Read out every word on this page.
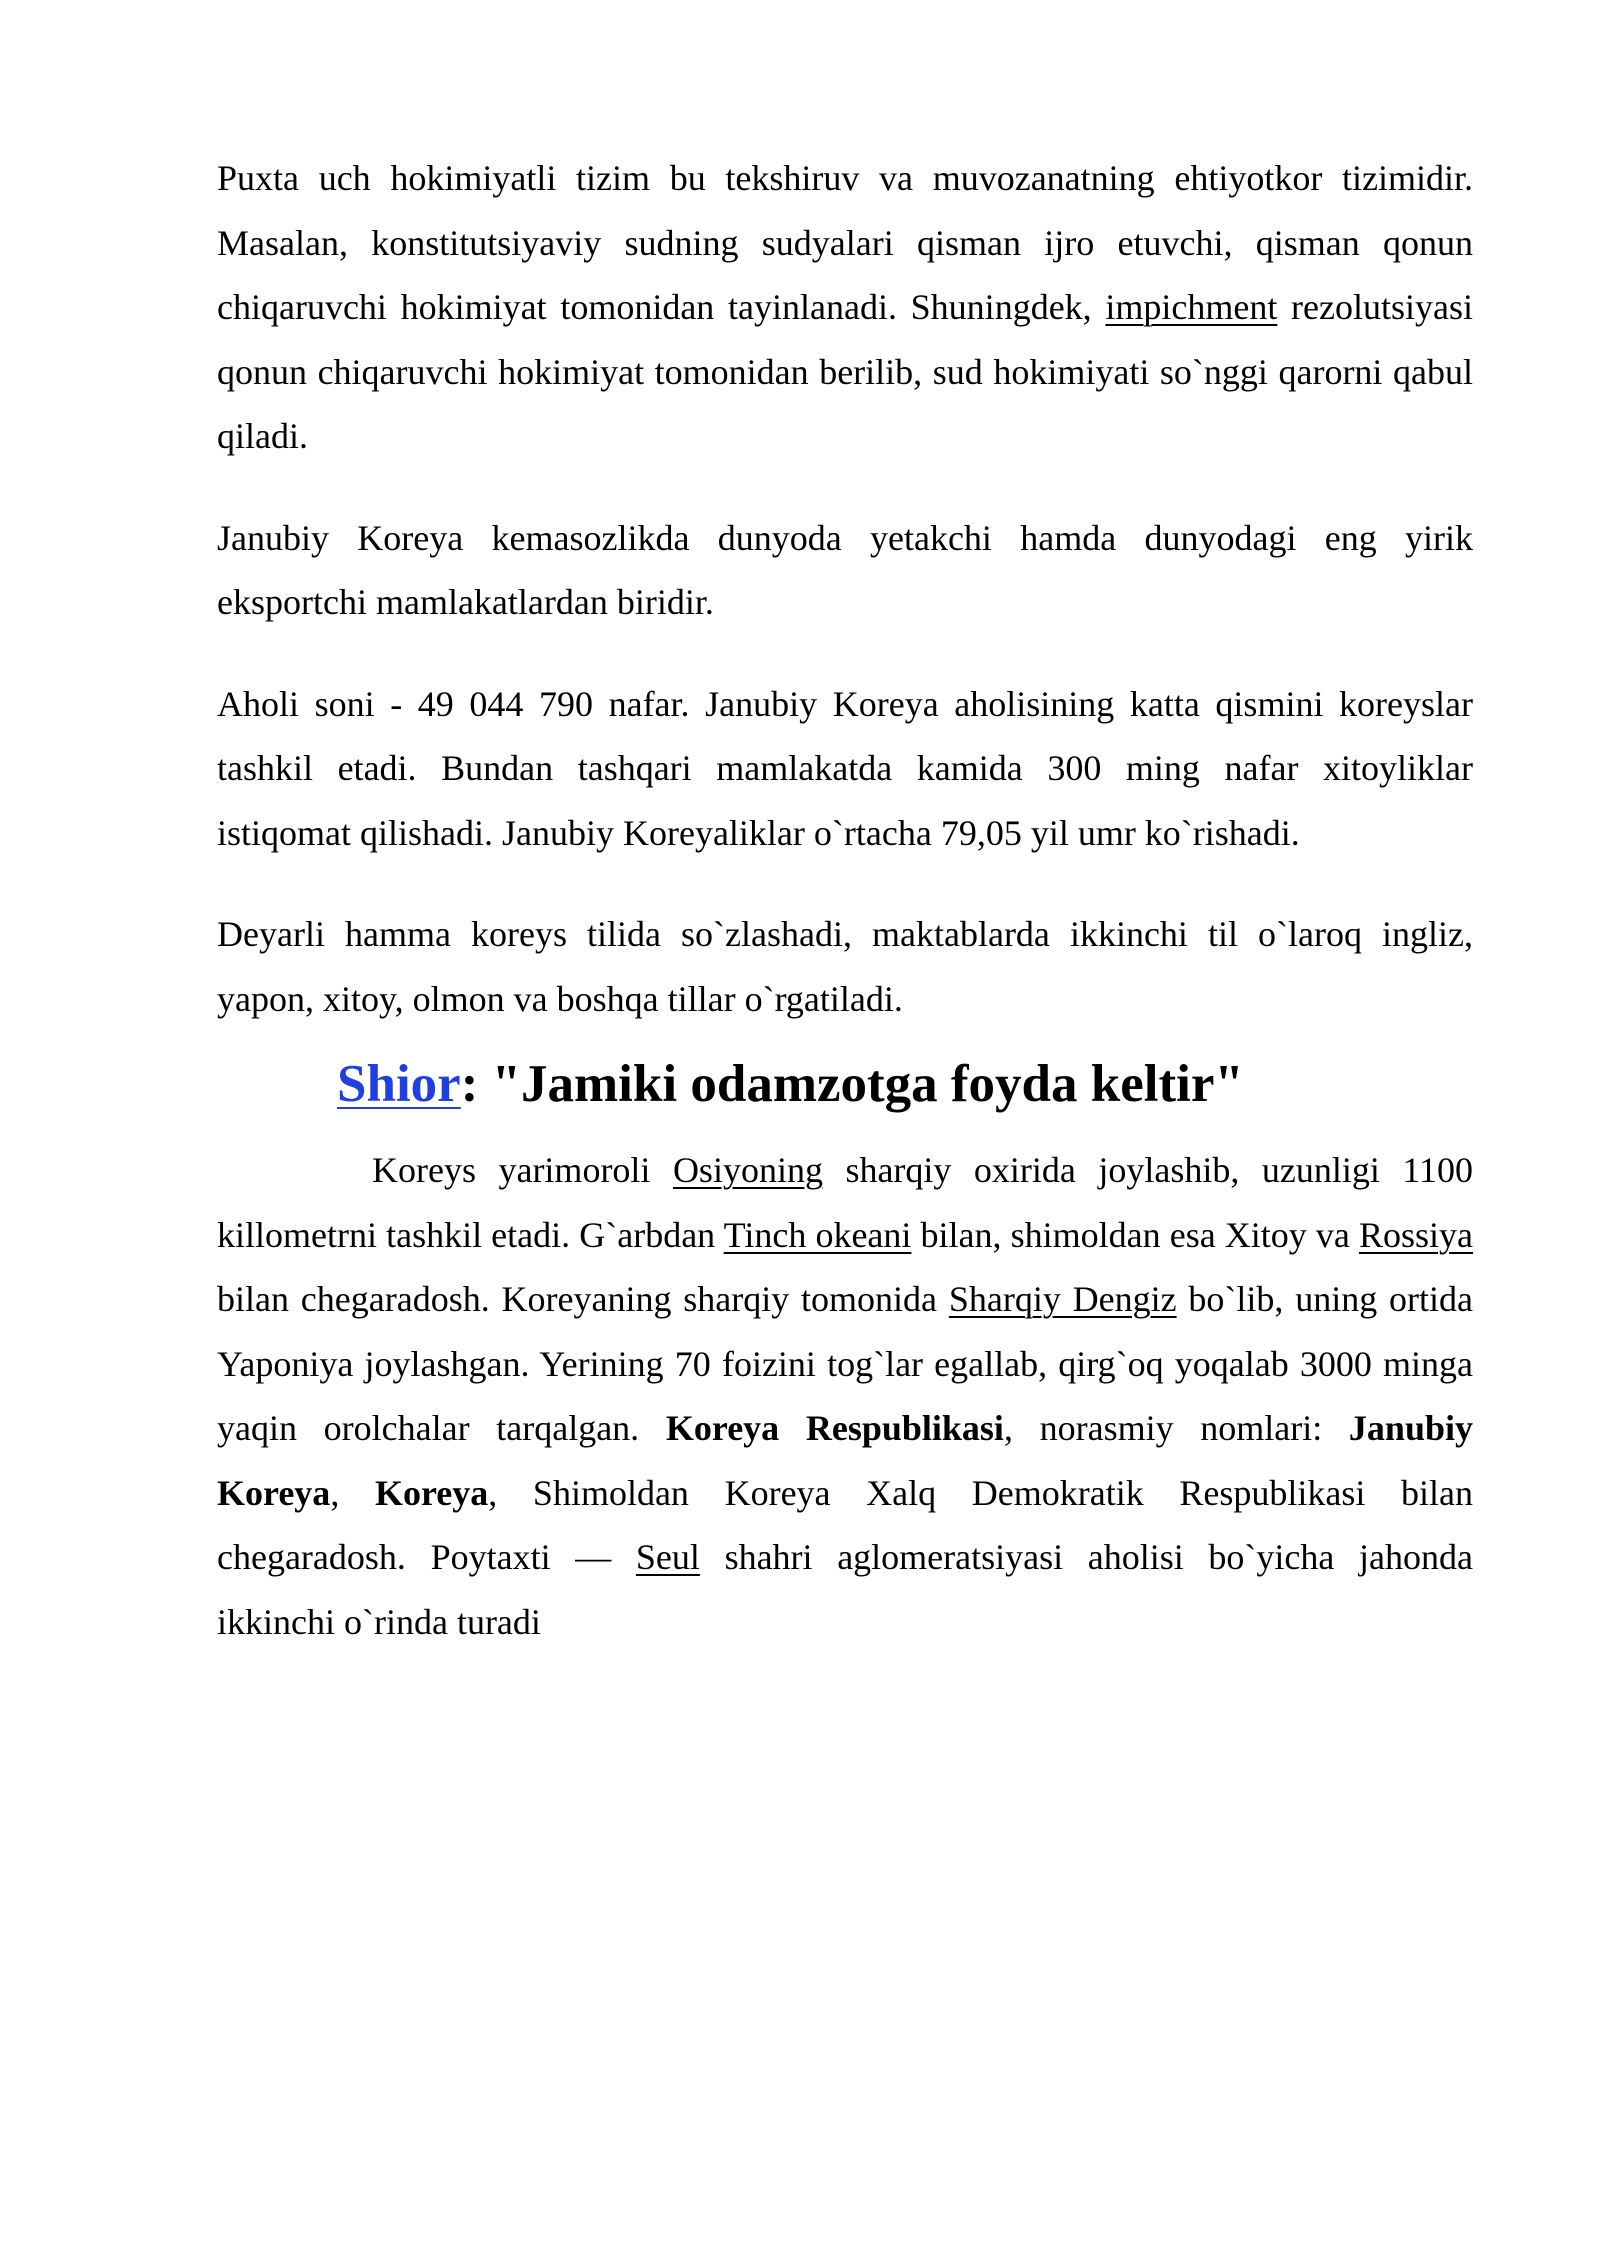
Puxta uch hokimiyatli tizim bu tekshiruv va muvozanatning ehtiyotkor tizimidir. Masalan, konstitutsiyaviy sudning sudyalari qisman ijro etuvchi, qisman qonun chiqaruvchi hokimiyat tomonidan tayinlanadi. Shuningdek, impichment rezolutsiyasi qonun chiqaruvchi hokimiyat tomonidan berilib, sud hokimiyati so`nggi qarorni qabul qiladi.

Janubiy Koreya kemasozlikda dunyoda yetakchi hamda dunyodagi eng yirik eksportchi mamlakatlardan biridir.

Aholi soni - 49 044 790 nafar. Janubiy Koreya aholisining katta qismini koreyslar tashkil etadi. Bundan tashqari mamlakatda kamida 300 ming nafar xitoyliklar istiqomat qilishadi. Janubiy Koreyaliklar o`rtacha 79,05 yil umr ko`rishadi.

Deyarli hamma koreys tilida so`zlashadi, maktablarda ikkinchi til o`laroq ingliz, yapon, xitoy, olmon va boshqa tillar o`rgatiladi.

Shior: "Jamiki odamzotga foyda keltir"

Koreys yarimoroli Osiyoning sharqiy oxirida joylashib, uzunligi 1100 killometrni tashkil etadi. G`arbdan Tinch okeani bilan, shimoldan esa Xitoy va Rossiya bilan chegaradosh. Koreyaning sharqiy tomonida Sharqiy Dengiz bo`lib, uning ortida Yaponiya joylashgan. Yerining 70 foizini tog`lar egallab, qirg`oq yoqalab 3000 minga yaqin orolchalar tarqalgan. Koreya Respublikasi, norasmiy nomlari: Janubiy Koreya, Koreya, Shimoldan Koreya Xalq Demokratik Respublikasi bilan chegaradosh. Poytaxti — Seul shahri aglomeratsiyasi aholisi bo`yicha jahonda ikkinchi o`rinda turadi
